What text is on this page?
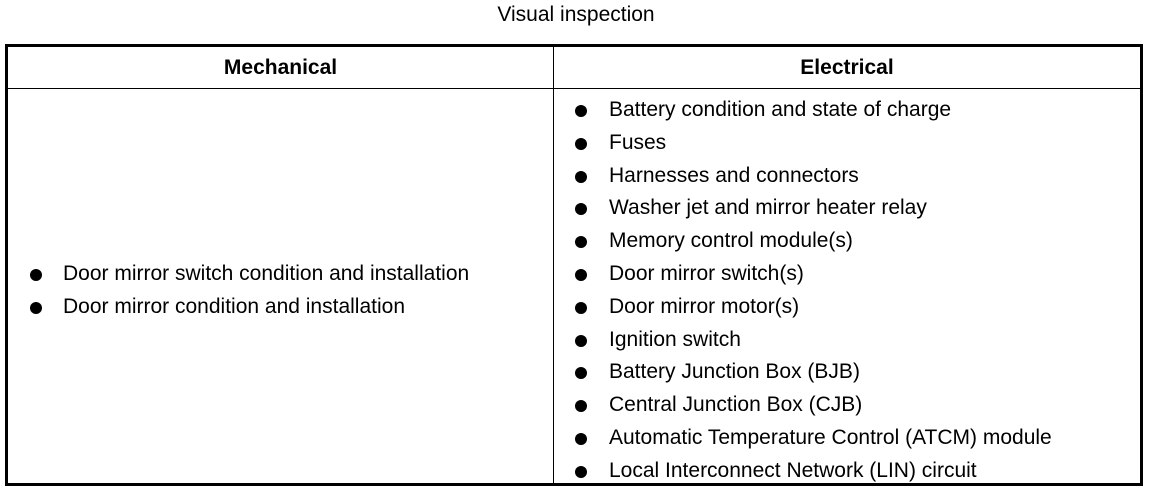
Visual inspection
Mechanical	Electrical
Door mirror switch condition and installation
Door mirror condition and installation
Battery condition and state of charge
Fuses
Harnesses and connectors
Washer jet and mirror heater relay
Memory control module(s)
Door mirror switch(s)
Door mirror motor(s)
Ignition switch
Battery Junction Box (BJB)
Central Junction Box (CJB)
Automatic Temperature Control (ATCM) module
Local Interconnect Network (LIN) circuit
